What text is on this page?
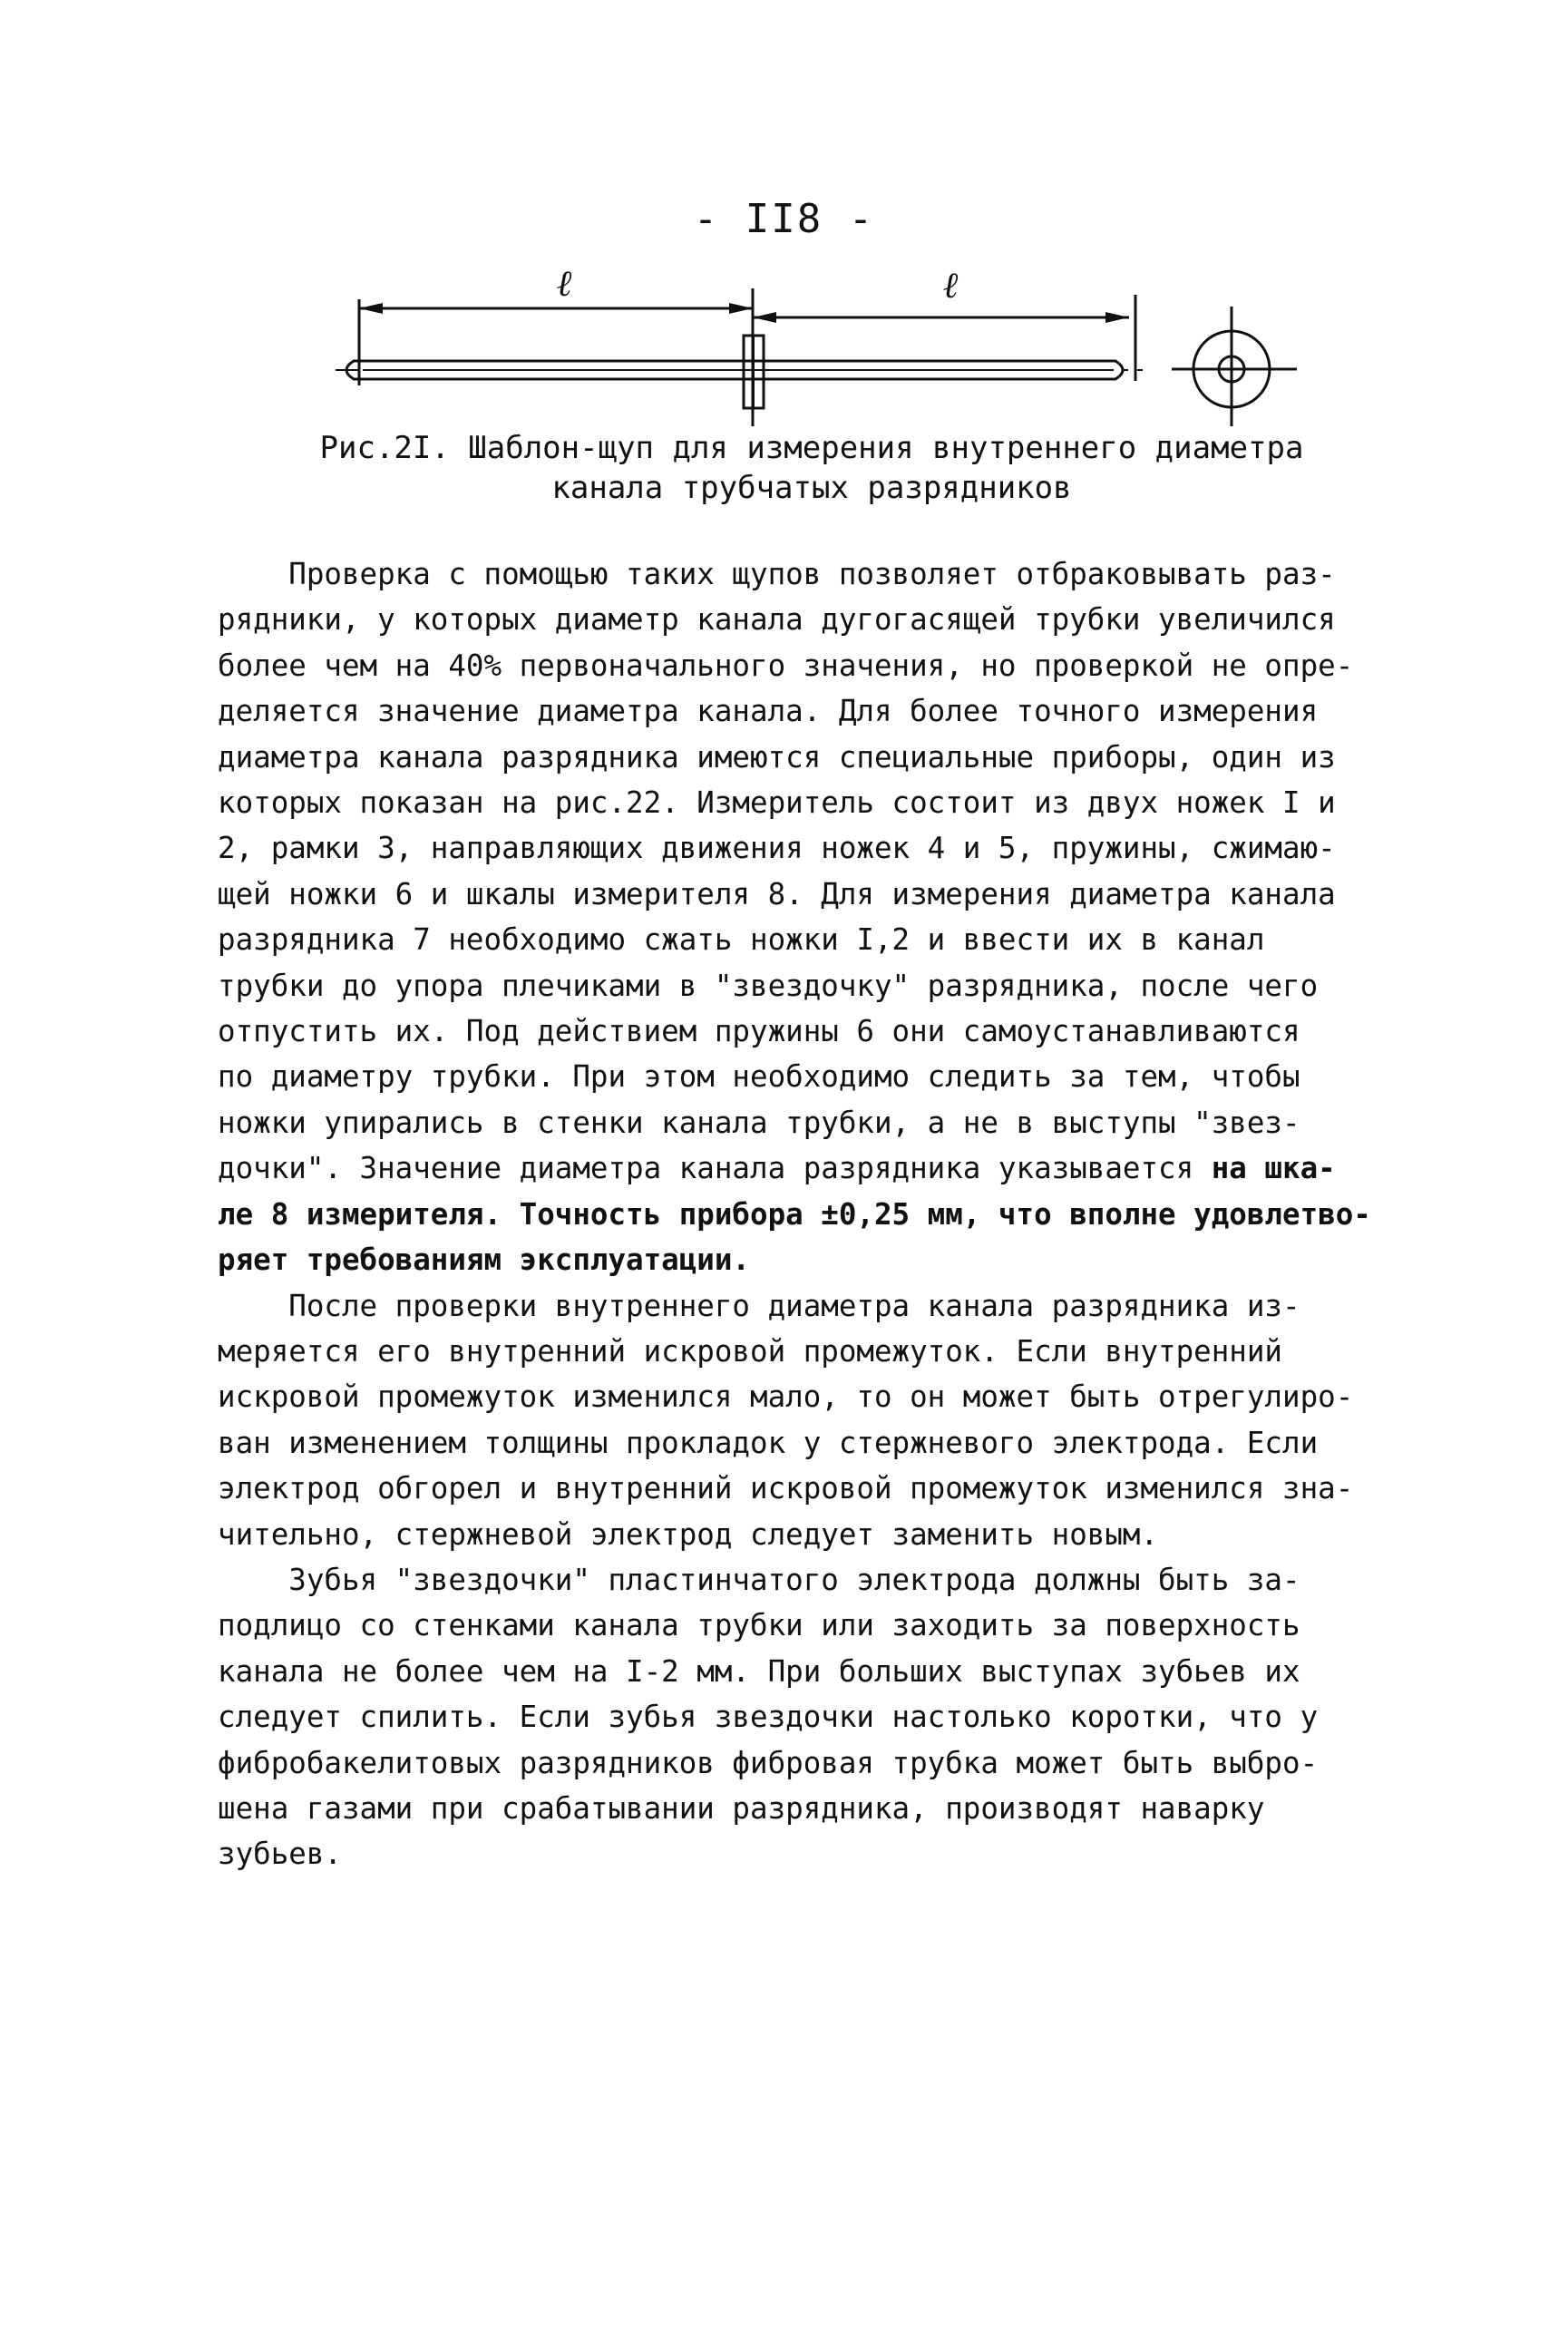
- II8 -
ℓ	ℓ
Рис.2I. Шаблон-щуп для измерения внутреннего диаметра
канала трубчатых разрядников

Проверка с помощью таких щупов позволяет отбраковывать раз-
рядники, у которых диаметр канала дугогасящей трубки увеличился
более чем на 40% первоначального значения, но проверкой не опре-
деляется значение диаметра канала. Для более точного измерения
диаметра канала разрядника имеются специальные приборы, один из
которых показан на рис.22. Измеритель состоит из двух ножек I и
2, рамки 3, направляющих движения ножек 4 и 5, пружины, сжимаю-
щей ножки 6 и шкалы измерителя 8. Для измерения диаметра канала
разрядника 7 необходимо сжать ножки I,2 и ввести их в канал
трубки до упора плечиками в "звездочку" разрядника, после чего
отпустить их. Под действием пружины 6 они самоустанавливаются
по диаметру трубки. При этом необходимо следить за тем, чтобы
ножки упирались в стенки канала трубки, а не в выступы "звез-
дочки". Значение диаметра канала разрядника указывается на шка-
ле 8 измерителя. Точность прибора ±0,25 мм, что вполне удовлетво-
ряет требованиям эксплуатации.

После проверки внутреннего диаметра канала разрядника из-
меряется его внутренний искровой промежуток. Если внутренний
искровой промежуток изменился мало, то он может быть отрегулиро-
ван изменением толщины прокладок у стержневого электрода. Если
электрод обгорел и внутренний искровой промежуток изменился зна-
чительно, стержневой электрод следует заменить новым.

Зубья "звездочки" пластинчатого электрода должны быть за-
подлицо со стенками канала трубки или заходить за поверхность
канала не более чем на I-2 мм. При больших выступах зубьев их
следует спилить. Если зубья звездочки настолько коротки, что у
фибробакелитовых разрядников фибровая трубка может быть выбро-
шена газами при срабатывании разрядника, производят наварку
зубьев.
